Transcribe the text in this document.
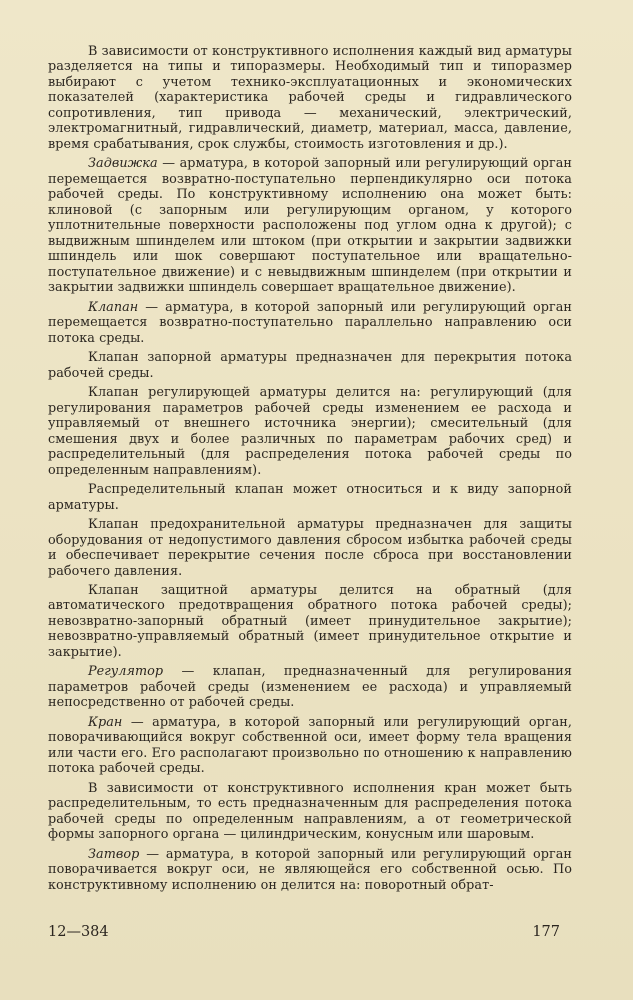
В зависимости от конструктивного исполнения каждый вид арматуры разделяется на типы и типоразмеры. Необходимый тип и типоразмер выбирают с учетом технико-эксплуатационных и экономических показателей (характеристика рабочей среды и гидравлического сопротивления, тип привода — механический, электрический, электромагнитный, гидравлический, диаметр, материал, масса, давление, время срабатывания, срок службы, стоимость изготовления и др.).

Задвижка — арматура, в которой запорный или регулирующий орган перемещается возвратно-поступательно перпендикулярно оси потока рабочей среды. По конструктивному исполнению она может быть: клиновой (с запорным или регулирующим органом, у которого уплотнительные поверхности расположены под углом одна к другой); с выдвижным шпинделем или штоком (при открытии и закрытии задвижки шпиндель или шок совершают поступательное или вращательно-поступательное движение) и с невыдвижным шпинделем (при открытии и закрытии задвижки шпиндель совершает вращательное движение).

Клапан — арматура, в которой запорный или регулирующий орган перемещается возвратно-поступательно параллельно направлению оси потока среды.

Клапан запорной арматуры предназначен для перекрытия потока рабочей среды.

Клапан регулирующей арматуры делится на: регулирующий (для регулирования параметров рабочей среды изменением ее расхода и управляемый от внешнего источника энергии); смесительный (для смешения двух и более различных по параметрам рабочих сред) и распределительный (для распределения потока рабочей среды по определенным направлениям).

Распределительный клапан может относиться и к виду запорной арматуры.

Клапан предохранительной арматуры предназначен для защиты оборудования от недопустимого давления сбросом избытка рабочей среды и обеспечивает перекрытие сечения после сброса при восстановлении рабочего давления.

Клапан защитной арматуры делится на обратный (для автоматического предотвращения обратного потока рабочей среды); невозвратно-запорный обратный (имеет принудительное закрытие); невозвратно-управляемый обратный (имеет принудительное открытие и закрытие).

Регулятор — клапан, предназначенный для регулирования параметров рабочей среды (изменением ее расхода) и управляемый непосредственно от рабочей среды.

Кран — арматура, в которой запорный или регулирующий орган, поворачивающийся вокруг собственной оси, имеет форму тела вращения или части его. Его располагают произвольно по отношению к направлению потока рабочей среды.

В зависимости от конструктивного исполнения кран может быть распределительным, то есть предназначенным для распределения потока рабочей среды по определенным направлениям, а от геометрической формы запорного органа — цилиндрическим, конусным или шаровым.

Затвор — арматура, в которой запорный или регулирующий орган поворачивается вокруг оси, не являющейся его собственной осью. По конструктивному исполнению он делится на: поворотный обрат-

12—384	177
